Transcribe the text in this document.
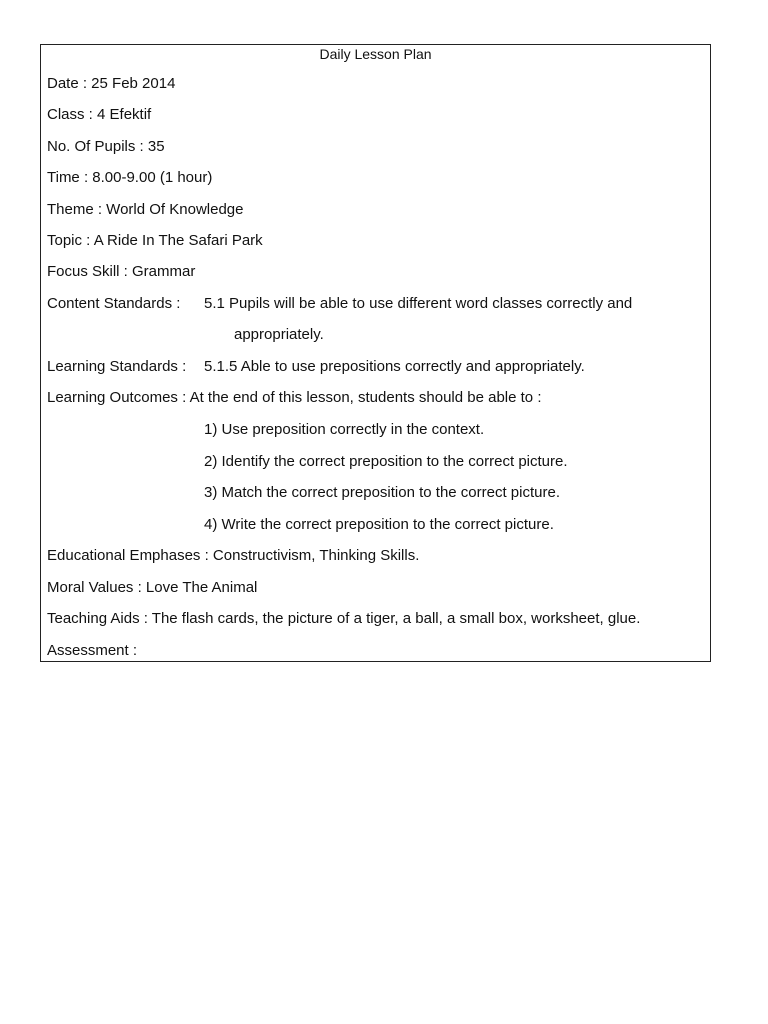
Daily Lesson Plan
Date : 25 Feb 2014
Class : 4 Efektif
No. Of Pupils : 35
Time : 8.00-9.00 (1 hour)
Theme : World Of Knowledge
Topic : A Ride In The Safari Park
Focus Skill : Grammar
Content Standards : 5.1 Pupils will be able to use different word classes correctly and
appropriately.
Learning Standards : 5.1.5 Able to use prepositions correctly and appropriately.
Learning Outcomes : At the end of this lesson, students should be able to :
1) Use preposition correctly in the context.
2) Identify the correct preposition to the correct picture.
3) Match the correct preposition to the correct picture.
4) Write the correct preposition to the correct picture.
Educational Emphases : Constructivism, Thinking Skills.
Moral Values : Love The Animal
Teaching Aids : The flash cards, the picture of a tiger, a ball, a small box, worksheet, glue.
Assessment :
